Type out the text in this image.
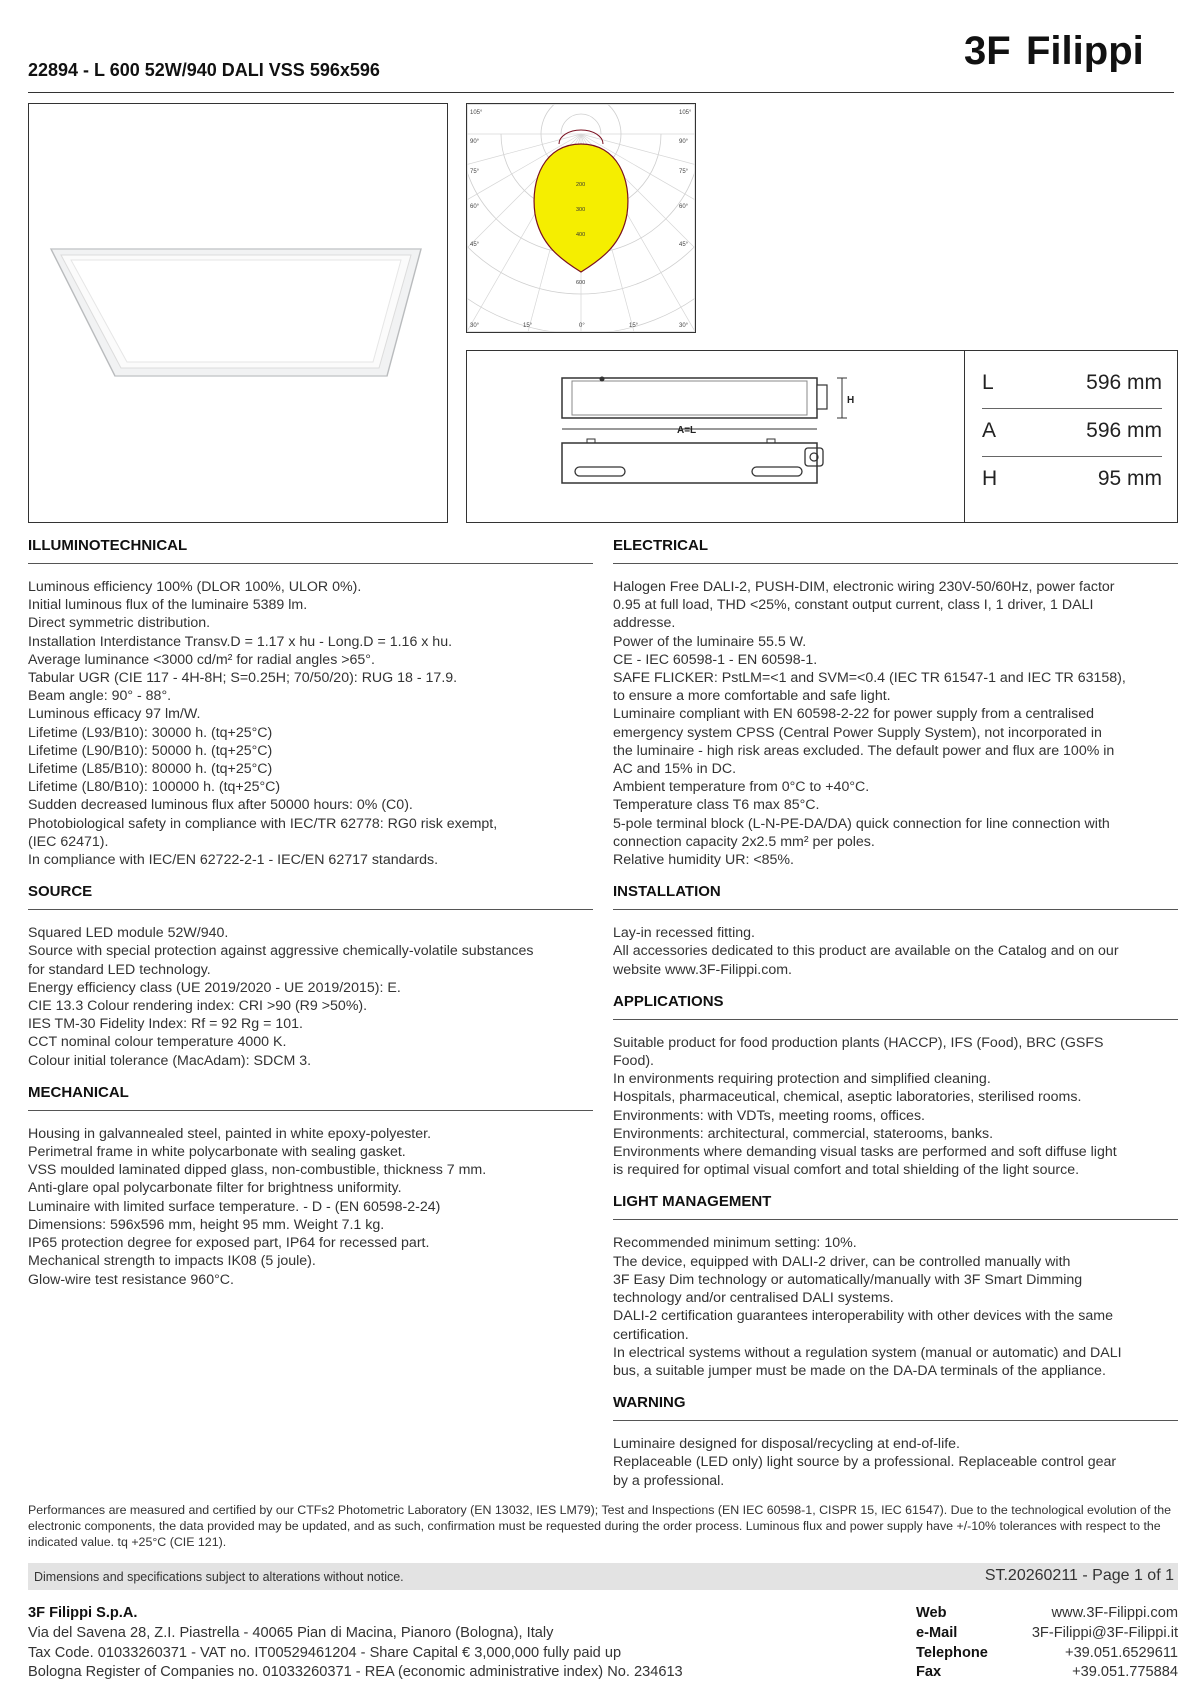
22894 - L 600 52W/940 DALI VSS 596x596	3F Filippi
105°
90°
75°
60°
45°
105°
90°
75°
60°
45°
30°	15°	0°	15°	30°
200
300
400
600
H
A=L
L	596 mm
A	596 mm
H	95 mm
ILLUMINOTECHNICAL
Luminous efficiency 100% (DLOR 100%, ULOR 0%).
Initial luminous flux of the luminaire 5389 lm.
Direct symmetric distribution.
Installation Interdistance Transv.D = 1.17 x hu - Long.D = 1.16 x hu.
Average luminance <3000 cd/m² for radial angles >65°.
Tabular UGR (CIE 117 - 4H-8H; S=0.25H; 70/50/20): RUG 18 - 17.9.
Beam angle: 90° - 88°.
Luminous efficacy 97 lm/W.
Lifetime (L93/B10): 30000 h. (tq+25°C)
Lifetime (L90/B10): 50000 h. (tq+25°C)
Lifetime (L85/B10): 80000 h. (tq+25°C)
Lifetime (L80/B10): 100000 h. (tq+25°C)
Sudden decreased luminous flux after 50000 hours: 0% (C0).
Photobiological safety in compliance with IEC/TR 62778: RG0 risk exempt,
(IEC 62471).
In compliance with IEC/EN 62722-2-1 - IEC/EN 62717 standards.
SOURCE
Squared LED module 52W/940.
Source with special protection against aggressive chemically-volatile substances
for standard LED technology.
Energy efficiency class (UE 2019/2020 - UE 2019/2015): E.
CIE 13.3 Colour rendering index: CRI >90 (R9 >50%).
IES TM-30 Fidelity Index: Rf = 92 Rg = 101.
CCT nominal colour temperature 4000 K.
Colour initial tolerance (MacAdam): SDCM 3.
MECHANICAL
Housing in galvannealed steel, painted in white epoxy-polyester.
Perimetral frame in white polycarbonate with sealing gasket.
VSS moulded laminated dipped glass, non-combustible, thickness 7 mm.
Anti-glare opal polycarbonate filter for brightness uniformity.
Luminaire with limited surface temperature. - D - (EN 60598-2-24)
Dimensions: 596x596 mm, height 95 mm. Weight 7.1 kg.
IP65 protection degree for exposed part, IP64 for recessed part.
Mechanical strength to impacts IK08 (5 joule).
Glow-wire test resistance 960°C.
ELECTRICAL
Halogen Free DALI-2, PUSH-DIM, electronic wiring 230V-50/60Hz, power factor
0.95 at full load, THD <25%, constant output current, class I, 1 driver, 1 DALI
addresse.
Power of the luminaire 55.5 W.
CE - IEC 60598-1 - EN 60598-1.
SAFE FLICKER: PstLM=<1 and SVM=<0.4 (IEC TR 61547-1 and IEC TR 63158),
to ensure a more comfortable and safe light.
Luminaire compliant with EN 60598-2-22 for power supply from a centralised
emergency system CPSS (Central Power Supply System), not incorporated in
the luminaire - high risk areas excluded. The default power and flux are 100% in
AC and 15% in DC.
Ambient temperature from 0°C to +40°C.
Temperature class T6 max 85°C.
5-pole terminal block (L-N-PE-DA/DA) quick connection for line connection with
connection capacity 2x2.5 mm² per poles.
Relative humidity UR: <85%.
INSTALLATION
Lay-in recessed fitting.
All accessories dedicated to this product are available on the Catalog and on our
website www.3F-Filippi.com.
APPLICATIONS
Suitable product for food production plants (HACCP), IFS (Food), BRC (GSFS
Food).
In environments requiring protection and simplified cleaning.
Hospitals, pharmaceutical, chemical, aseptic laboratories, sterilised rooms.
Environments: with VDTs, meeting rooms, offices.
Environments: architectural, commercial, staterooms, banks.
Environments where demanding visual tasks are performed and soft diffuse light
is required for optimal visual comfort and total shielding of the light source.
LIGHT MANAGEMENT
Recommended minimum setting: 10%.
The device, equipped with DALI-2 driver, can be controlled manually with
3F Easy Dim technology or automatically/manually with 3F Smart Dimming
technology and/or centralised DALI systems.
DALI-2 certification guarantees interoperability with other devices with the same
certification.
In electrical systems without a regulation system (manual or automatic) and DALI
bus, a suitable jumper must be made on the DA-DA terminals of the appliance.
WARNING
Luminaire designed for disposal/recycling at end-of-life.
Replaceable (LED only) light source by a professional. Replaceable control gear
by a professional.
Performances are measured and certified by our CTFs2 Photometric Laboratory (EN 13032, IES LM79); Test and Inspections (EN IEC 60598-1, CISPR 15, IEC 61547). Due to the technological evolution of the electronic components, the data provided may be updated, and as such, confirmation must be requested during the order process. Luminous flux and power supply have +/-10% tolerances with respect to the indicated value. tq +25°C (CIE 121).
Dimensions and specifications subject to alterations without notice.	ST.20260211 - Page 1 of 1
3F Filippi S.p.A.
Via del Savena 28, Z.I. Piastrella - 40065 Pian di Macina, Pianoro (Bologna), Italy
Tax Code. 01033260371 - VAT no. IT00529461204 - Share Capital € 3,000,000 fully paid up
Bologna Register of Companies no. 01033260371 - REA (economic administrative index) No. 234613
Web	www.3F-Filippi.com
e-Mail	3F-Filippi@3F-Filippi.it
Telephone	+39.051.6529611
Fax	+39.051.775884
